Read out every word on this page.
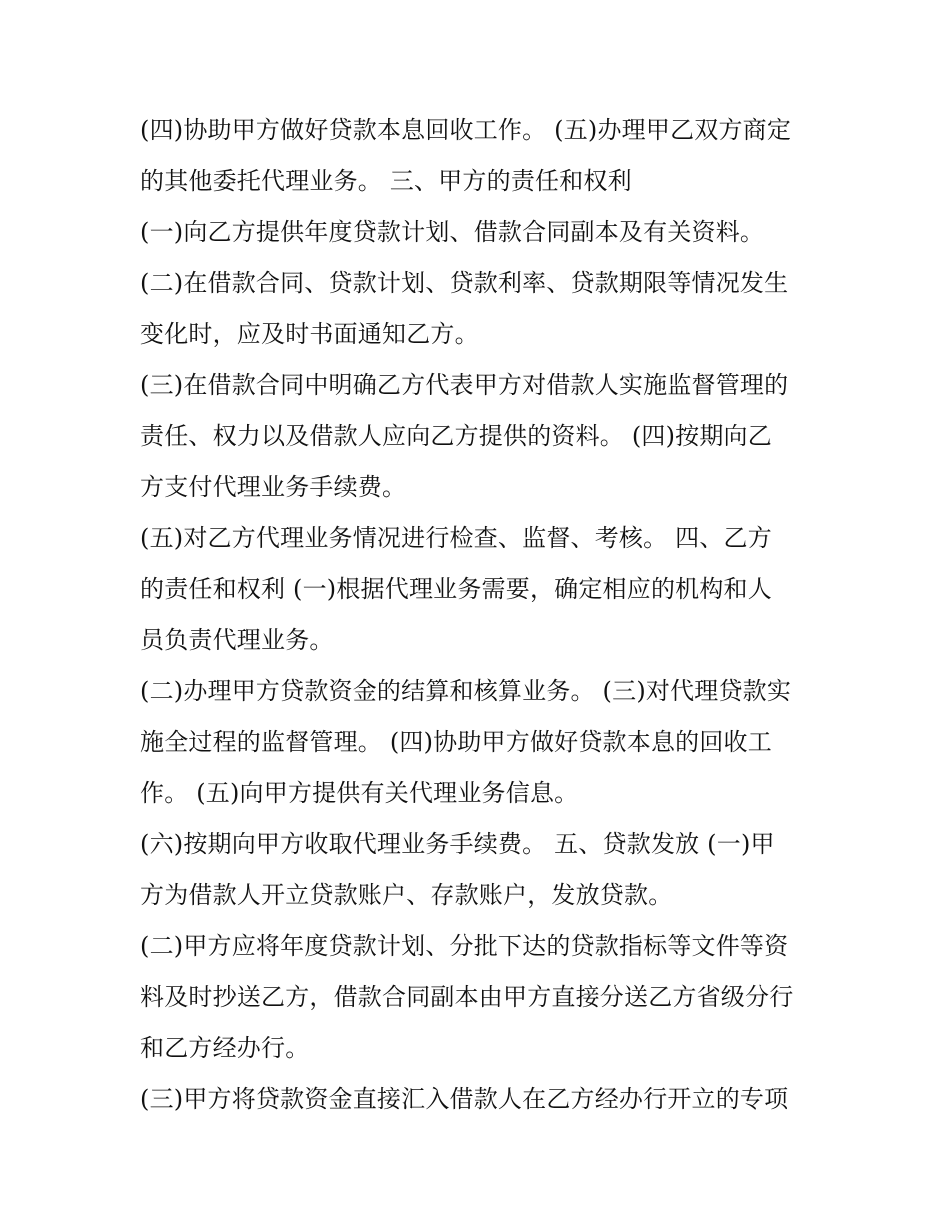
(四)协助甲方做好贷款本息回收工作。 (五)办理甲乙双方商定
的其他委托代理业务。 三、甲方的责任和权利
(一)向乙方提供年度贷款计划、借款合同副本及有关资料。
(二)在借款合同、贷款计划、贷款利率、贷款期限等情况发生
变化时，应及时书面通知乙方。
(三)在借款合同中明确乙方代表甲方对借款人实施监督管理的
责任、权力以及借款人应向乙方提供的资料。 (四)按期向乙
方支付代理业务手续费。
(五)对乙方代理业务情况进行检查、监督、考核。 四、乙方
的责任和权利 (一)根据代理业务需要，确定相应的机构和人
员负责代理业务。
(二)办理甲方贷款资金的结算和核算业务。 (三)对代理贷款实
施全过程的监督管理。 (四)协助甲方做好贷款本息的回收工
作。 (五)向甲方提供有关代理业务信息。
(六)按期向甲方收取代理业务手续费。 五、贷款发放 (一)甲
方为借款人开立贷款账户、存款账户，发放贷款。
(二)甲方应将年度贷款计划、分批下达的贷款指标等文件等资
料及时抄送乙方，借款合同副本由甲方直接分送乙方省级分行
和乙方经办行。
(三)甲方将贷款资金直接汇入借款人在乙方经办行开立的专项
